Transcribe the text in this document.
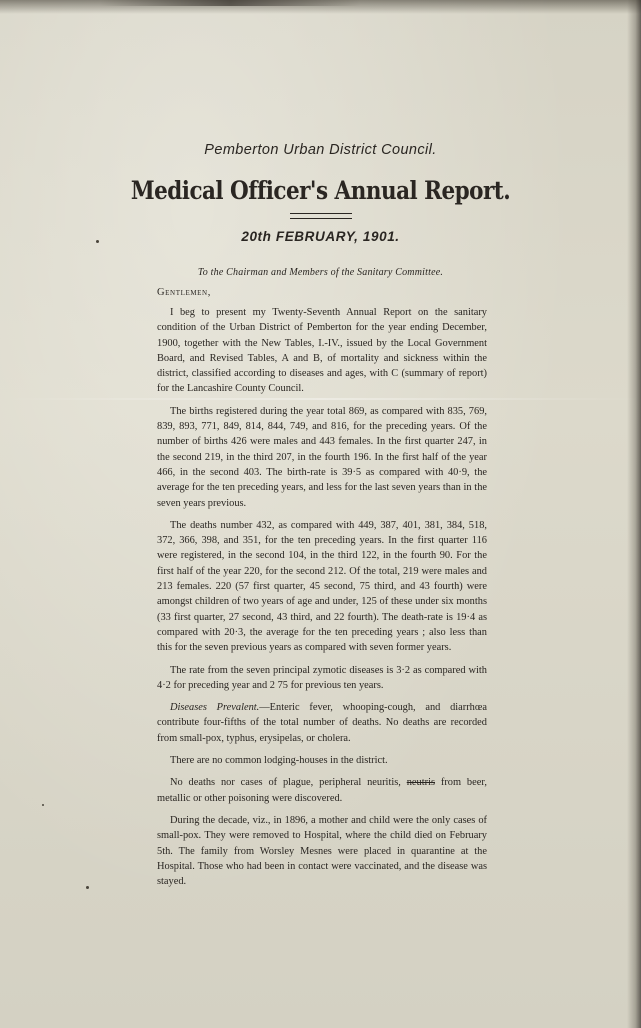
Pemberton Urban District Council.
Medical Officer's Annual Report.
20th FEBRUARY, 1901.
To the Chairman and Members of the Sanitary Committee.
Gentlemen,

I beg to present my Twenty-Seventh Annual Report on the sanitary condition of the Urban District of Pemberton for the year ending December, 1900, together with the New Tables, I.-IV., issued by the Local Government Board, and Revised Tables, A and B, of mortality and sickness within the district, classified according to diseases and ages, with C (summary of report) for the Lancashire County Council.

The births registered during the year total 869, as compared with 835, 769, 839, 893, 771, 849, 814, 844, 749, and 816, for the preceding years. Of the number of births 426 were males and 443 females. In the first quarter 247, in the second 219, in the third 207, in the fourth 196. In the first half of the year 466, in the second 403. The birth-rate is 39·5 as compared with 40·9, the average for the ten preceding years, and less for the last seven years than in the seven years previous.

The deaths number 432, as compared with 449, 387, 401, 381, 384, 518, 372, 366, 398, and 351, for the ten preceding years. In the first quarter 116 were registered, in the second 104, in the third 122, in the fourth 90. For the first half of the year 220, for the second 212. Of the total, 219 were males and 213 females. 220 (57 first quarter, 45 second, 75 third, and 43 fourth) were amongst children of two years of age and under, 125 of these under six months (33 first quarter, 27 second, 43 third, and 22 fourth). The death-rate is 19·4 as compared with 20·3, the average for the ten preceding years ; also less than this for the seven previous years as compared with seven former years.

The rate from the seven principal zymotic diseases is 3·2 as compared with 4·2 for preceding year and 2 75 for previous ten years.

Diseases Prevalent.—Enteric fever, whooping-cough, and diarrhœa contribute four-fifths of the total number of deaths. No deaths are recorded from small-pox, typhus, erysipelas, or cholera.

There are no common lodging-houses in the district.

No deaths nor cases of plague, peripheral neuritis, neutris from beer, metallic or other poisoning were discovered.

During the decade, viz., in 1896, a mother and child were the only cases of small-pox. They were removed to Hospital, where the child died on February 5th. The family from Worsley Mesnes were placed in quarantine at the Hospital. Those who had been in contact were vaccinated, and the disease was stayed.
